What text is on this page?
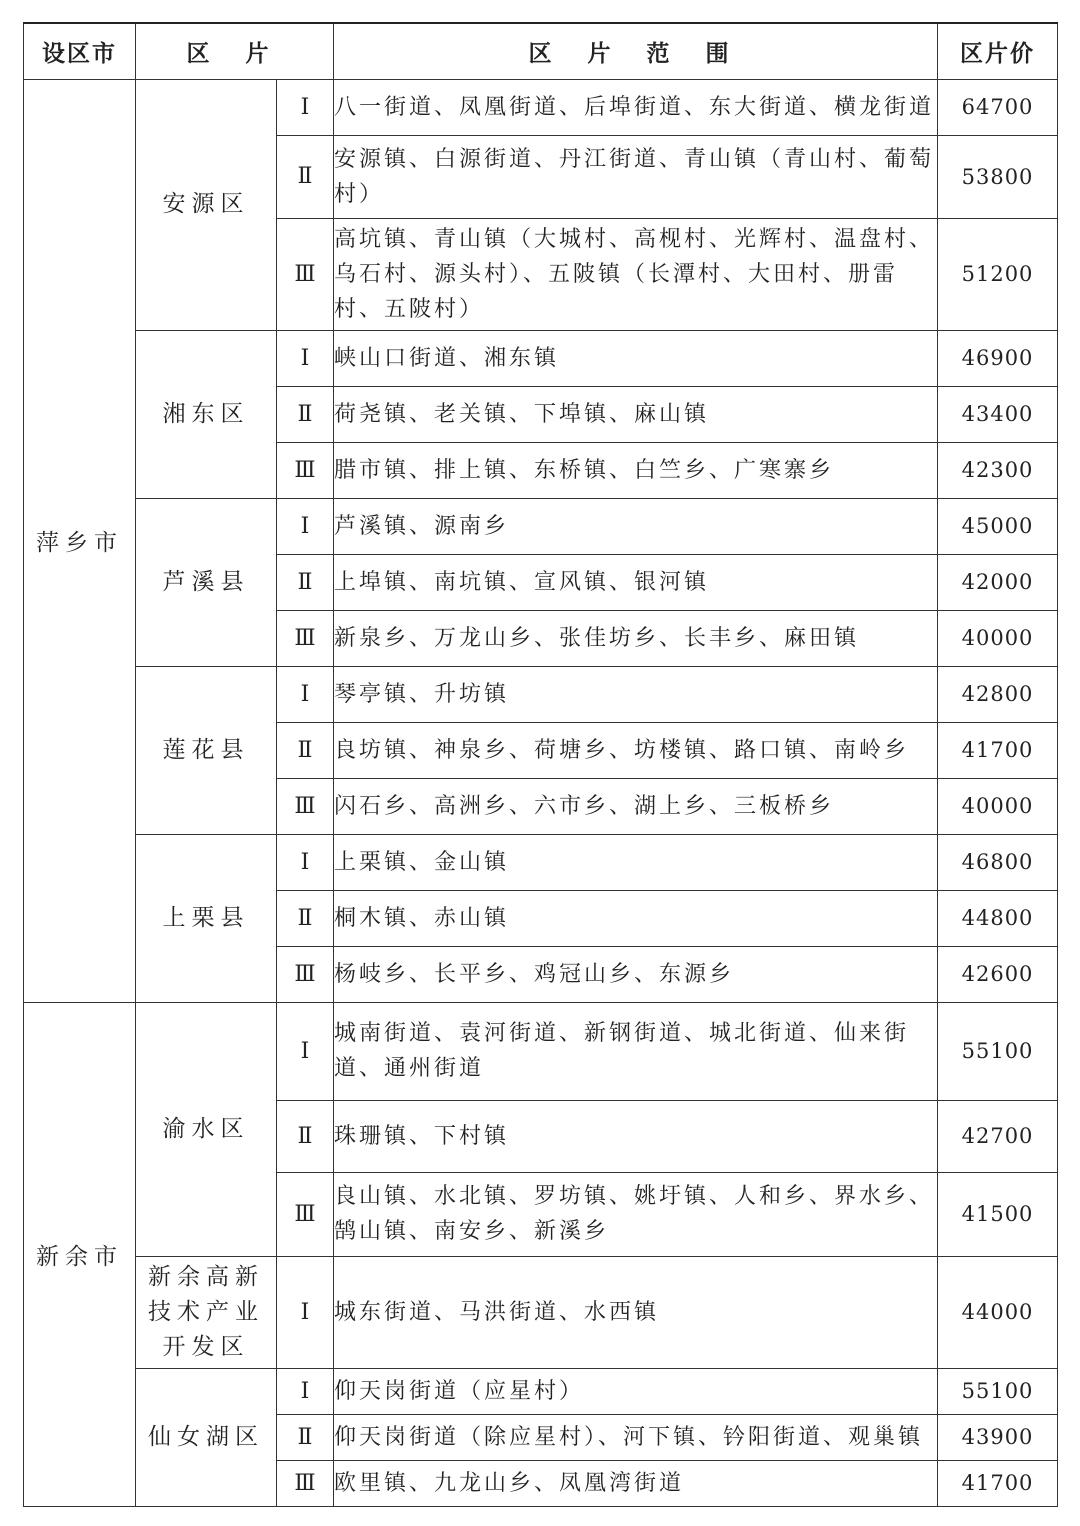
设区市	区 片		区 片 范 围	区片价
萍乡市	安源区	Ⅰ	八一街道、凤凰街道、后埠街道、东大街道、横龙街道	64700
		Ⅱ	安源镇、白源街道、丹江街道、青山镇（青山村、葡萄村）	53800
		Ⅲ	高坑镇、青山镇（大城村、高枧村、光辉村、温盘村、乌石村、源头村）、五陂镇（长潭村、大田村、册雷村、五陂村）	51200
	湘东区	Ⅰ	峡山口街道、湘东镇	46900
		Ⅱ	荷尧镇、老关镇、下埠镇、麻山镇	43400
		Ⅲ	腊市镇、排上镇、东桥镇、白竺乡、广寒寨乡	42300
	芦溪县	Ⅰ	芦溪镇、源南乡	45000
		Ⅱ	上埠镇、南坑镇、宣风镇、银河镇	42000
		Ⅲ	新泉乡、万龙山乡、张佳坊乡、长丰乡、麻田镇	40000
	莲花县	Ⅰ	琴亭镇、升坊镇	42800
		Ⅱ	良坊镇、神泉乡、荷塘乡、坊楼镇、路口镇、南岭乡	41700
		Ⅲ	闪石乡、高洲乡、六市乡、湖上乡、三板桥乡	40000
	上栗县	Ⅰ	上栗镇、金山镇	46800
		Ⅱ	桐木镇、赤山镇	44800
		Ⅲ	杨岐乡、长平乡、鸡冠山乡、东源乡	42600
新余市	渝水区	Ⅰ	城南街道、袁河街道、新钢街道、城北街道、仙来街道、通州街道	55100
		Ⅱ	珠珊镇、下村镇	42700
		Ⅲ	良山镇、水北镇、罗坊镇、姚圩镇、人和乡、界水乡、鹄山镇、南安乡、新溪乡	41500
	新余高新技术产业开发区	Ⅰ	城东街道、马洪街道、水西镇	44000
	仙女湖区	Ⅰ	仰天岗街道（应星村）	55100
		Ⅱ	仰天岗街道（除应星村）、河下镇、钤阳街道、观巢镇	43900
		Ⅲ	欧里镇、九龙山乡、凤凰湾街道	41700
